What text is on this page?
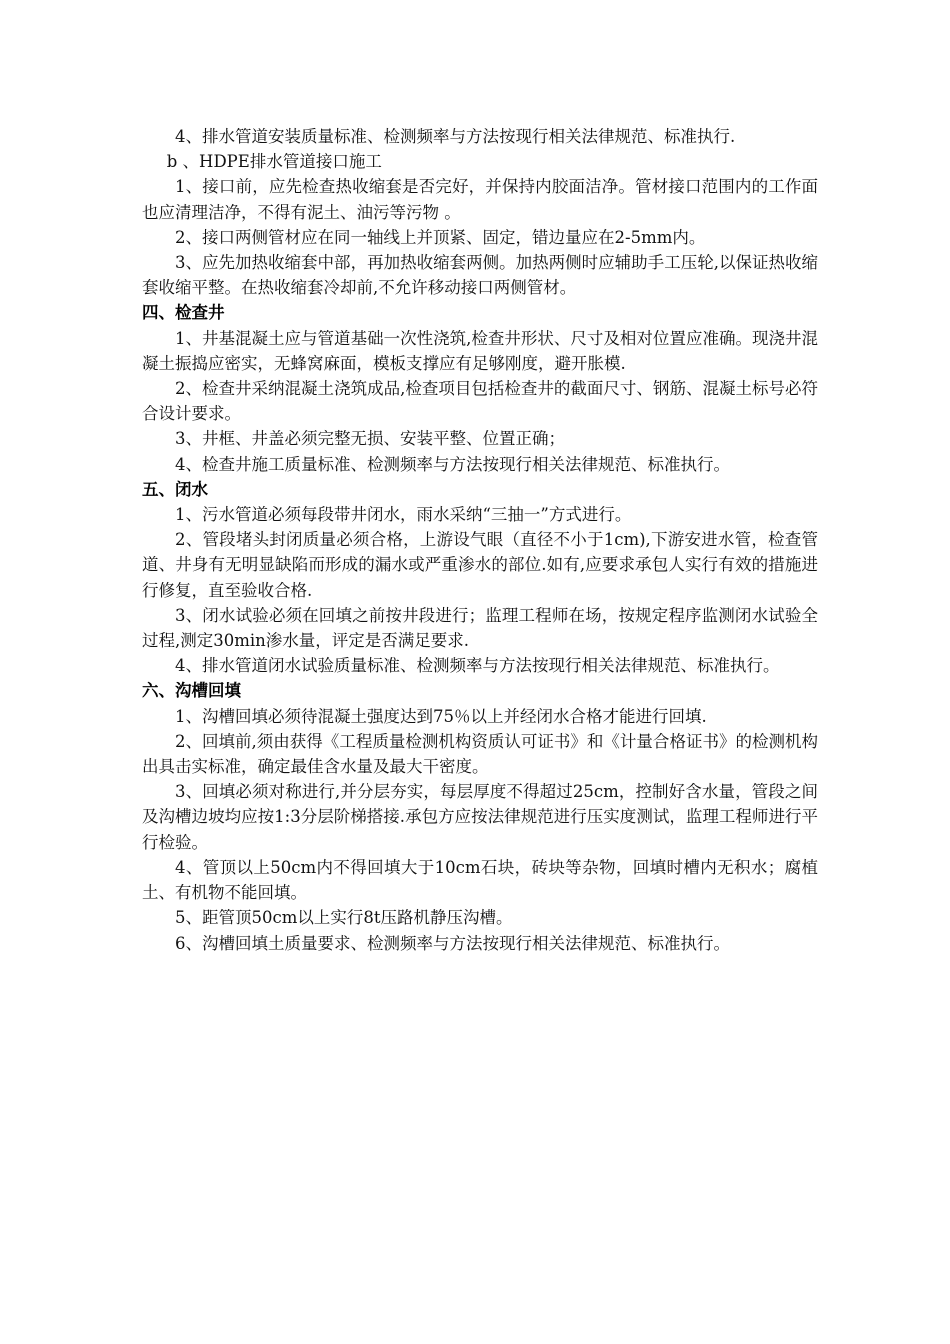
4、排水管道安装质量标准、检测频率与方法按现行相关法律规范、标准执行.

b 、HDPE排水管道接口施工

1、接口前，应先检查热收缩套是否完好，并保持内胶面洁净。管材接口范围内的工作面也应清理洁净，不得有泥土、油污等污物 。

2、接口两侧管材应在同一轴线上并顶紧、固定，错边量应在2-5mm内。

3、应先加热收缩套中部，再加热收缩套两侧。加热两侧时应辅助手工压轮,以保证热收缩套收缩平整。在热收缩套冷却前,不允许移动接口两侧管材。

四、检查井

1、井基混凝土应与管道基础一次性浇筑,检查井形状、尺寸及相对位置应准确。现浇井混凝土振捣应密实，无蜂窝麻面，模板支撑应有足够刚度，避开胀模.

2、检查井采纳混凝土浇筑成品,检查项目包括检查井的截面尺寸、钢筋、混凝土标号必符合设计要求。

3、井框、井盖必须完整无损、安装平整、位置正确；

4、检查井施工质量标准、检测频率与方法按现行相关法律规范、标准执行。

五、闭水

1、污水管道必须每段带井闭水，雨水采纳“三抽一”方式进行。

2、管段堵头封闭质量必须合格，上游设气眼（直径不小于1cm),下游安进水管，检查管道、井身有无明显缺陷而形成的漏水或严重渗水的部位.如有,应要求承包人实行有效的措施进行修复，直至验收合格.

3、闭水试验必须在回填之前按井段进行；监理工程师在场，按规定程序监测闭水试验全过程,测定30min渗水量，评定是否满足要求.

4、排水管道闭水试验质量标准、检测频率与方法按现行相关法律规范、标准执行。

六、沟槽回填

1、沟槽回填必须待混凝土强度达到75％以上并经闭水合格才能进行回填.

2、回填前,须由获得《工程质量检测机构资质认可证书》和《计量合格证书》的检测机构出具击实标准，确定最佳含水量及最大干密度。

3、回填必须对称进行,并分层夯实，每层厚度不得超过25cm，控制好含水量，管段之间及沟槽边坡均应按1:3分层阶梯搭接.承包方应按法律规范进行压实度测试，监理工程师进行平行检验。

4、管顶以上50cm内不得回填大于10cm石块，砖块等杂物，回填时槽内无积水；腐植土、有机物不能回填。

5、距管顶50cm以上实行8t压路机静压沟槽。

6、沟槽回填土质量要求、检测频率与方法按现行相关法律规范、标准执行。
